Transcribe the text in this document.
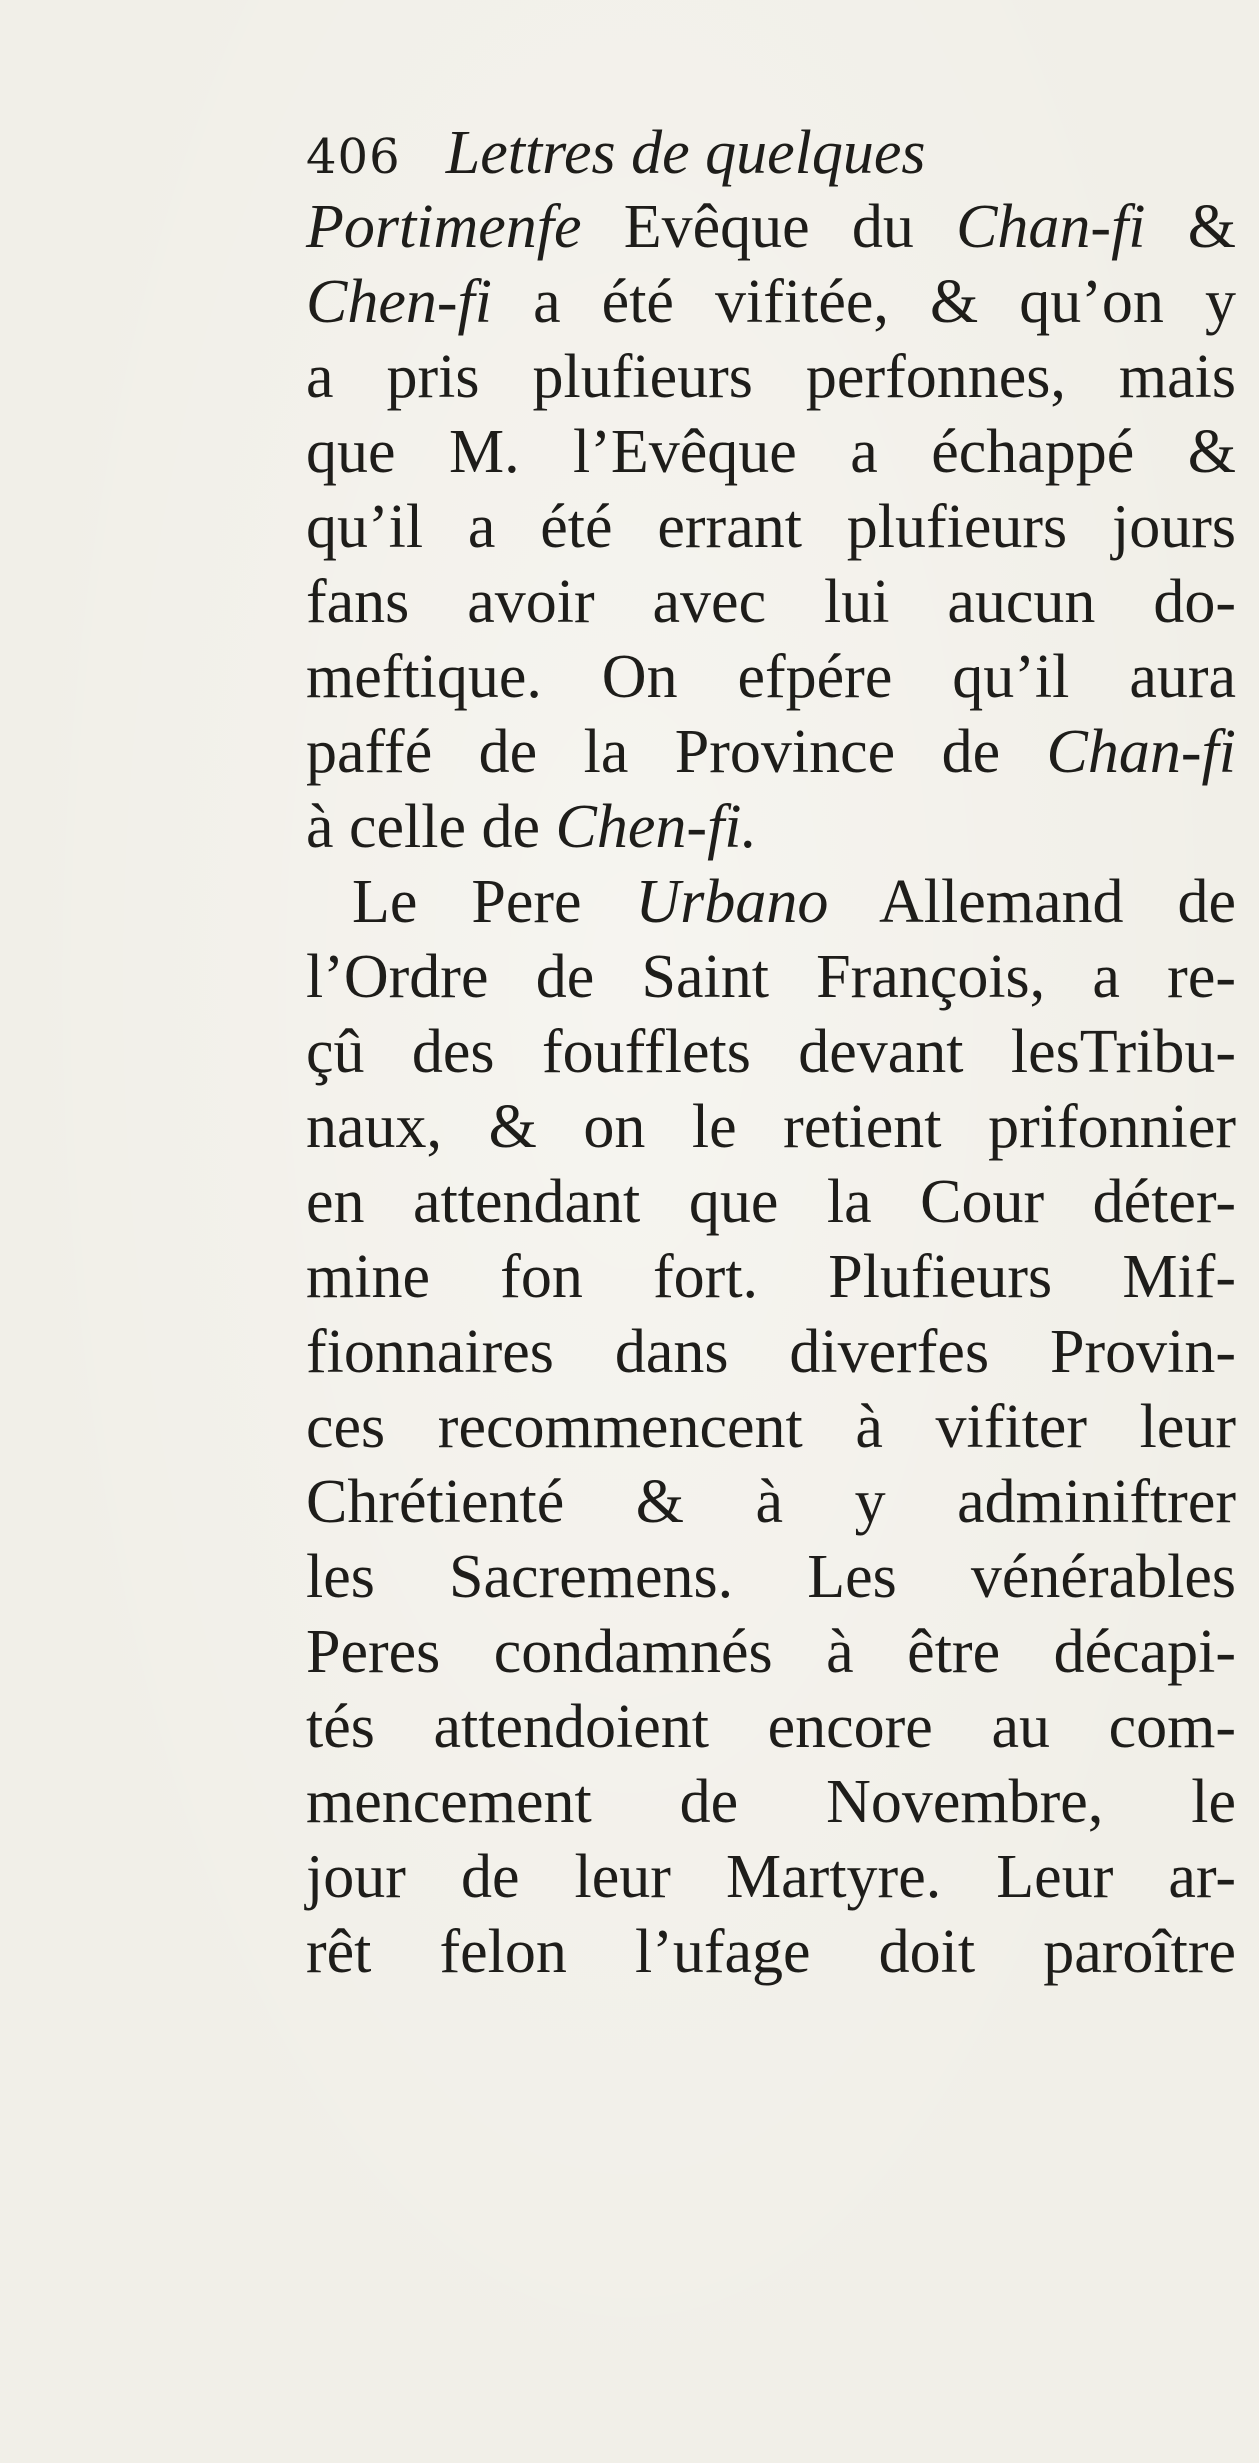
406 Lettres de quelques
Portimenfe Evêque du Chan-fi &
Chen-fi a été vifitée, & qu’on y
a pris plufieurs perfonnes, mais
que M. l’Evêque a échappé &
qu’il a été errant plufieurs jours
fans avoir avec lui aucun do-
meftique. On efpére qu’il aura
paffé de la Province de Chan-fi
à celle de Chen-fi.
Le Pere Urbano Allemand de
l’Ordre de Saint François, a re-
çû des foufflets devant lesTribu-
naux, & on le retient prifonnier
en attendant que la Cour déter-
mine fon fort. Plufieurs Mif-
fionnaires dans diverfes Provin-
ces recommencent à vifiter leur
Chrétienté & à y adminiftrer
les Sacremens. Les vénérables
Peres condamnés à être décapi-
tés attendoient encore au com-
mencement de Novembre, le
jour de leur Martyre. Leur ar-
rêt felon l’ufage doit paroître
